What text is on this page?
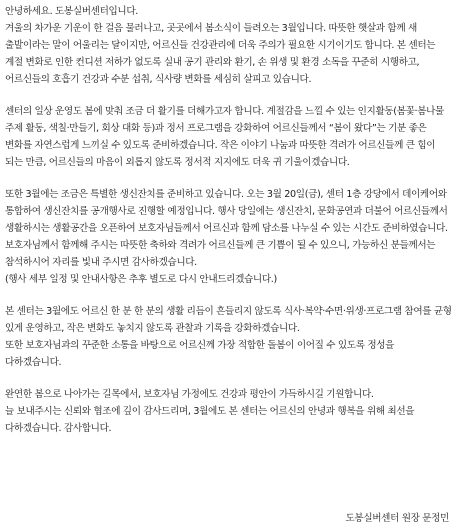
안녕하세요. 도봉실버센터입니다.

겨울의 차가운 기운이 한 걸음 물러나고, 곳곳에서 봄소식이 들려오는 3월입니다. 따뜻한 햇살과 함께 새 출발이라는 말이 어울리는 달이지만, 어르신들 건강관리에 더욱 주의가 필요한 시기이기도 합니다. 본 센터는 계절 변화로 인한 컨디션 저하가 없도록 실내 공기 관리와 환기, 손 위생 및 환경 소독을 꾸준히 시행하고, 어르신들의 호흡기 건강과 수분 섭취, 식사량 변화를 세심히 살피고 있습니다.

센터의 일상 운영도 봄에 맞춰 조금 더 활기를 더해가고자 합니다. 계절감을 느낄 수 있는 인지활동(봄꽃·봄나물 주제 활동, 색칠·만들기, 회상 대화 등)과 정서 프로그램을 강화하여 어르신들께서 “봄이 왔다”는 기분 좋은 변화를 자연스럽게 느끼실 수 있도록 준비하겠습니다. 작은 이야기 나눔과 따뜻한 격려가 어르신들께 큰 힘이 되는 만큼, 어르신들의 마음이 외롭지 않도록 정서적 지지에도 더욱 귀 기울이겠습니다.

또한 3월에는 조금은 특별한 생신잔치를 준비하고 있습니다. 오는 3월 20일(금), 센터 1층 강당에서 데이케어와 통합하여 생신잔치를 공개행사로 진행할 예정입니다. 행사 당일에는 생신잔치, 문화공연과 더불어 어르신들께서 생활하시는 생활공간을 오픈하여 보호자님들께서 어르신과 함께 담소를 나누실 수 있는 시간도 준비하였습니다. 보호자님께서 함께해 주시는 따뜻한 축하와 격려가 어르신들께 큰 기쁨이 될 수 있으니, 가능하신 분들께서는 참석하시어 자리를 빛내 주시면 감사하겠습니다.

(행사 세부 일정 및 안내사항은 추후 별도로 다시 안내드리겠습니다.)

본 센터는 3월에도 어르신 한 분 한 분의 생활 리듬이 흔들리지 않도록 식사·복약·수면·위생·프로그램 참여를 균형 있게 운영하고, 작은 변화도 놓치지 않도록 관찰과 기록을 강화하겠습니다.

또한 보호자님과의 꾸준한 소통을 바탕으로 어르신께 가장 적합한 돌봄이 이어질 수 있도록 정성을 다하겠습니다.

완연한 봄으로 나아가는 길목에서, 보호자님 가정에도 건강과 평안이 가득하시길 기원합니다.

늘 보내주시는 신뢰와 협조에 깊이 감사드리며, 3월에도 본 센터는 어르신의 안녕과 행복을 위해 최선을 다하겠습니다. 감사합니다.

도봉실버센터 원장 문정민
